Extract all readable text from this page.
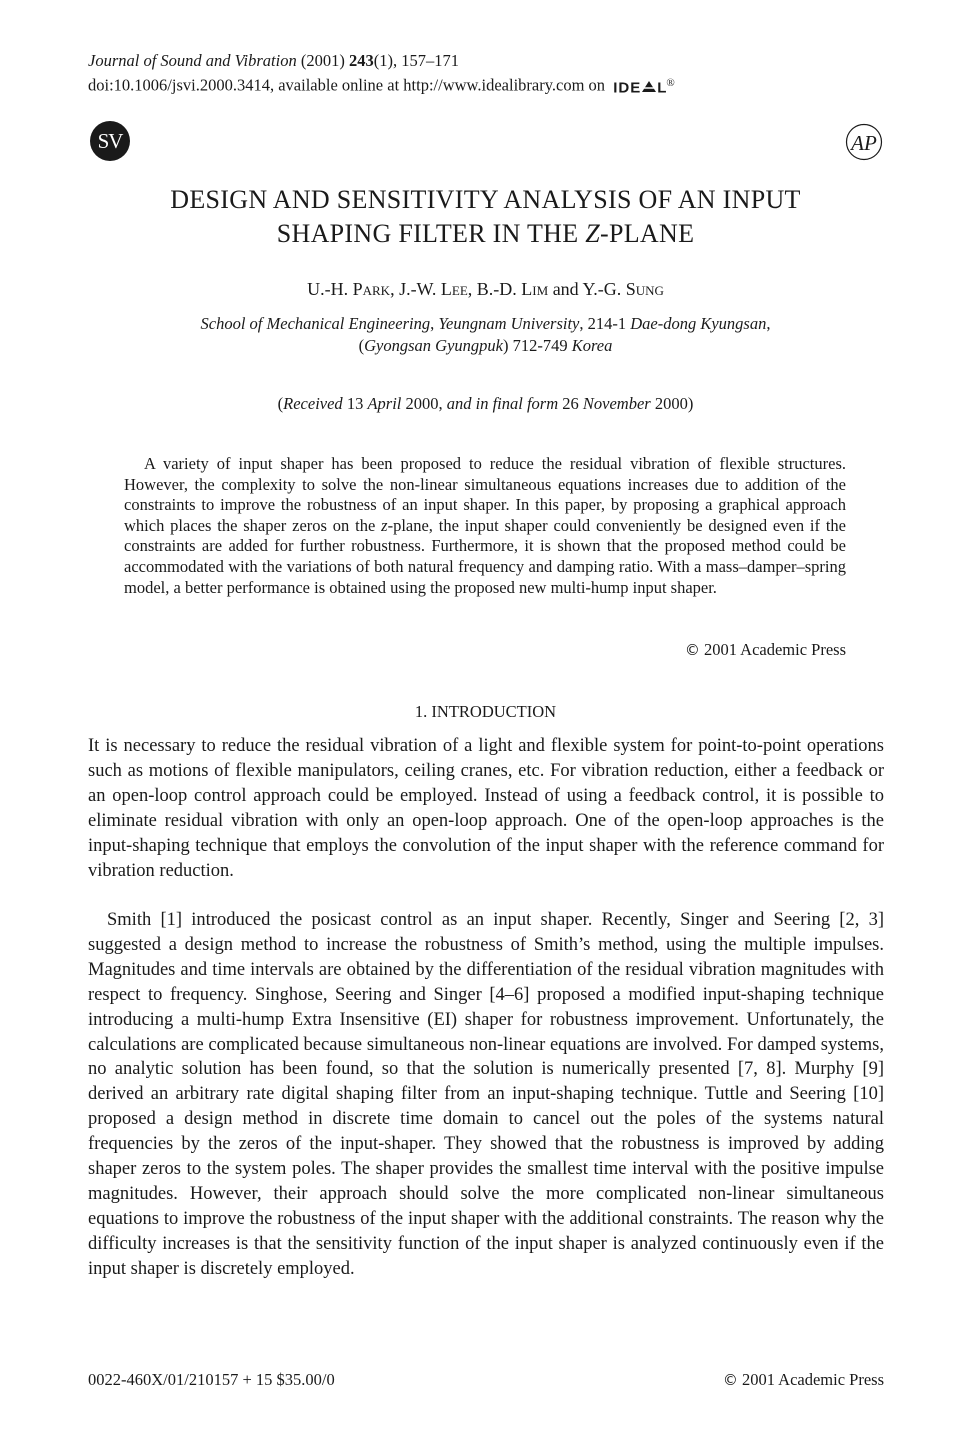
Journal of Sound and Vibration (2001) 243(1), 157–171
doi:10.1006/jsvi.2000.3414, available online at http://www.idealibrary.com on IDE L®
SV	AP
DESIGN AND SENSITIVITY ANALYSIS OF AN INPUT
SHAPING FILTER IN THE Z-PLANE
U.-H. Park, J.-W. Lee, B.-D. Lim and Y.-G. Sung
School of Mechanical Engineering, Yeungnam University, 214-1 Dae-dong Kyungsan,
(Gyongsan Gyungpuk) 712-749 Korea
(Received 13 April 2000, and in final form 26 November 2000)

A variety of input shaper has been proposed to reduce the residual vibration of flexible structures. However, the complexity to solve the non-linear simultaneous equations increases due to addition of the constraints to improve the robustness of an input shaper. In this paper, by proposing a graphical approach which places the shaper zeros on the z-plane, the input shaper could conveniently be designed even if the constraints are added for further robustness. Furthermore, it is shown that the proposed method could be accommodated with the variations of both natural frequency and damping ratio. With a mass–damper–spring model, a better performance is obtained using the proposed new multi-hump input shaper.

© 2001 Academic Press
1. INTRODUCTION

It is necessary to reduce the residual vibration of a light and flexible system for point-to-point operations such as motions of flexible manipulators, ceiling cranes, etc. For vibration reduction, either a feedback or an open-loop control approach could be employed. Instead of using a feedback control, it is possible to eliminate residual vibration with only an open-loop approach. One of the open-loop approaches is the input-shaping technique that employs the convolution of the input shaper with the reference command for vibration reduction.

Smith [1] introduced the posicast control as an input shaper. Recently, Singer and Seering [2, 3] suggested a design method to increase the robustness of Smith’s method, using the multiple impulses. Magnitudes and time intervals are obtained by the differentiation of the residual vibration magnitudes with respect to frequency. Singhose, Seering and Singer [4–6] proposed a modified input-shaping technique introducing a multi-hump Extra Insensitive (EI) shaper for robustness improvement. Unfortunately, the calculations are complicated because simultaneous non-linear equations are involved. For damped systems, no analytic solution has been found, so that the solution is numerically presented [7, 8]. Murphy [9] derived an arbitrary rate digital shaping filter from an input-shaping technique. Tuttle and Seering [10] proposed a design method in discrete time domain to cancel out the poles of the systems natural frequencies by the zeros of the input-shaper. They showed that the robustness is improved by adding shaper zeros to the system poles. The shaper provides the smallest time interval with the positive impulse magnitudes. However, their approach should solve the more complicated non-linear simultaneous equations to improve the robustness of the input shaper with the additional constraints. The reason why the difficulty increases is that the sensitivity function of the input shaper is analyzed continuously even if the input shaper is discretely employed.

0022-460X/01/210157 + 15 $35.00/0	© 2001 Academic Press
